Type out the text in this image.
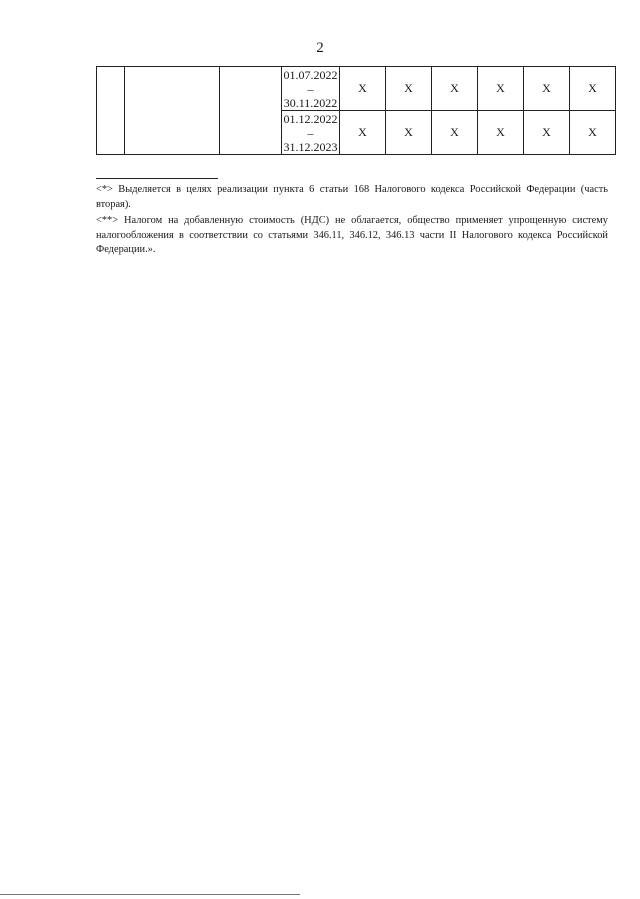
2

			01.07.2022
–
30.11.2022	X	X	X	X	X	X

			01.12.2022
–
31.12.2023	X	X	X	X	X	X

<*> Выделяется в целях реализации пункта 6 статьи 168 Налогового кодекса Российской Федерации (часть вторая).

<**> Налогом на добавленную стоимость (НДС) не облагается, общество применяет упрощенную систему налогообложения в соответствии со статьями 346.11, 346.12, 346.13 части II Налогового кодекса Российской Федерации.».
